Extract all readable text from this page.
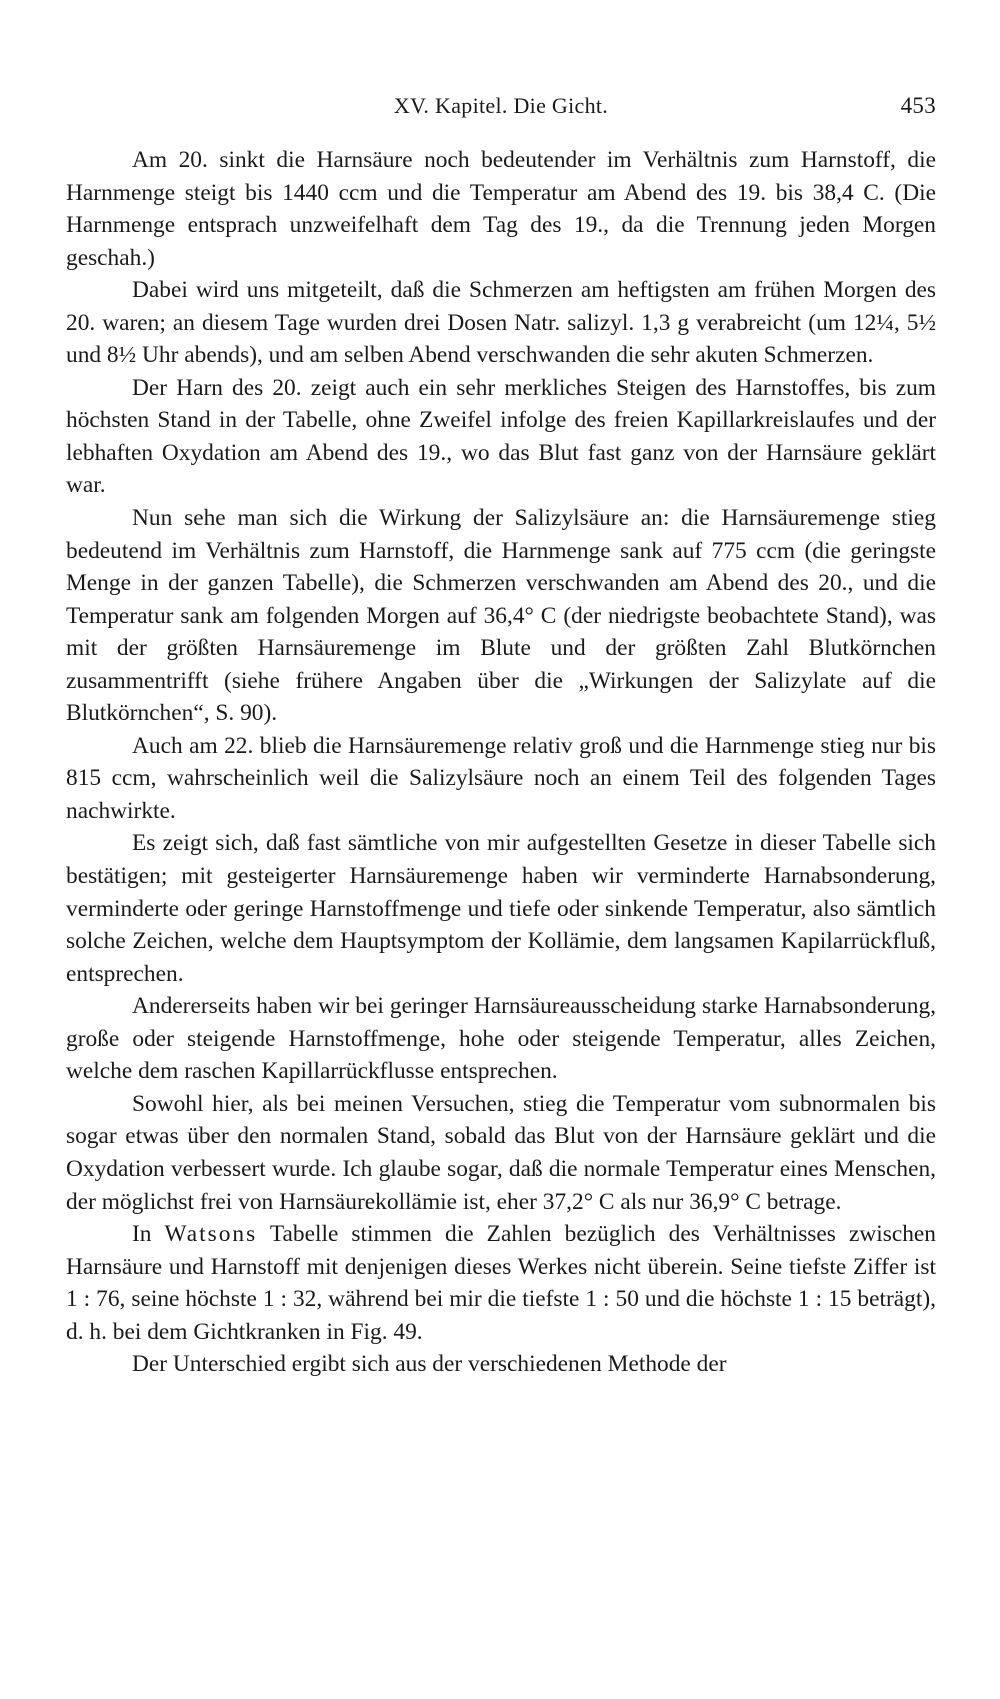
XV. Kapitel. Die Gicht.	453

Am 20. sinkt die Harnsäure noch bedeutender im Verhältnis zum Harnstoff, die Harnmenge steigt bis 1440 ccm und die Temperatur am Abend des 19. bis 38,4 C. (Die Harnmenge entsprach unzweifelhaft dem Tag des 19., da die Trennung jeden Morgen geschah.)

Dabei wird uns mitgeteilt, daß die Schmerzen am heftigsten am frühen Morgen des 20. waren; an diesem Tage wurden drei Dosen Natr. salizyl. 1,3 g verabreicht (um 12¼, 5½ und 8½ Uhr abends), und am selben Abend verschwanden die sehr akuten Schmerzen.

Der Harn des 20. zeigt auch ein sehr merkliches Steigen des Harnstoffes, bis zum höchsten Stand in der Tabelle, ohne Zweifel infolge des freien Kapillarkreislaufes und der lebhaften Oxydation am Abend des 19., wo das Blut fast ganz von der Harnsäure geklärt war.

Nun sehe man sich die Wirkung der Salizylsäure an: die Harnsäuremenge stieg bedeutend im Verhältnis zum Harnstoff, die Harnmenge sank auf 775 ccm (die geringste Menge in der ganzen Tabelle), die Schmerzen verschwanden am Abend des 20., und die Temperatur sank am folgenden Morgen auf 36,4° C (der niedrigste beobachtete Stand), was mit der größten Harnsäuremenge im Blute und der größten Zahl Blutkörnchen zusammentrifft (siehe frühere Angaben über die „Wirkungen der Salizylate auf die Blutkörnchen“, S. 90).

Auch am 22. blieb die Harnsäuremenge relativ groß und die Harnmenge stieg nur bis 815 ccm, wahrscheinlich weil die Salizylsäure noch an einem Teil des folgenden Tages nachwirkte.

Es zeigt sich, daß fast sämtliche von mir aufgestellten Gesetze in dieser Tabelle sich bestätigen; mit gesteigerter Harnsäuremenge haben wir verminderte Harnabsonderung, verminderte oder geringe Harnstoffmenge und tiefe oder sinkende Temperatur, also sämtlich solche Zeichen, welche dem Hauptsymptom der Kollämie, dem langsamen Kapilarrückfluß, entsprechen.

Andererseits haben wir bei geringer Harnsäureausscheidung starke Harnabsonderung, große oder steigende Harnstoffmenge, hohe oder steigende Temperatur, alles Zeichen, welche dem raschen Kapillarrückflusse entsprechen.

Sowohl hier, als bei meinen Versuchen, stieg die Temperatur vom subnormalen bis sogar etwas über den normalen Stand, sobald das Blut von der Harnsäure geklärt und die Oxydation verbessert wurde. Ich glaube sogar, daß die normale Temperatur eines Menschen, der möglichst frei von Harnsäurekollämie ist, eher 37,2° C als nur 36,9° C betrage.

In Watsons Tabelle stimmen die Zahlen bezüglich des Verhältnisses zwischen Harnsäure und Harnstoff mit denjenigen dieses Werkes nicht überein. Seine tiefste Ziffer ist 1 : 76, seine höchste 1 : 32, während bei mir die tiefste 1 : 50 und die höchste 1 : 15 beträgt), d. h. bei dem Gichtkranken in Fig. 49.

Der Unterschied ergibt sich aus der verschiedenen Methode der
